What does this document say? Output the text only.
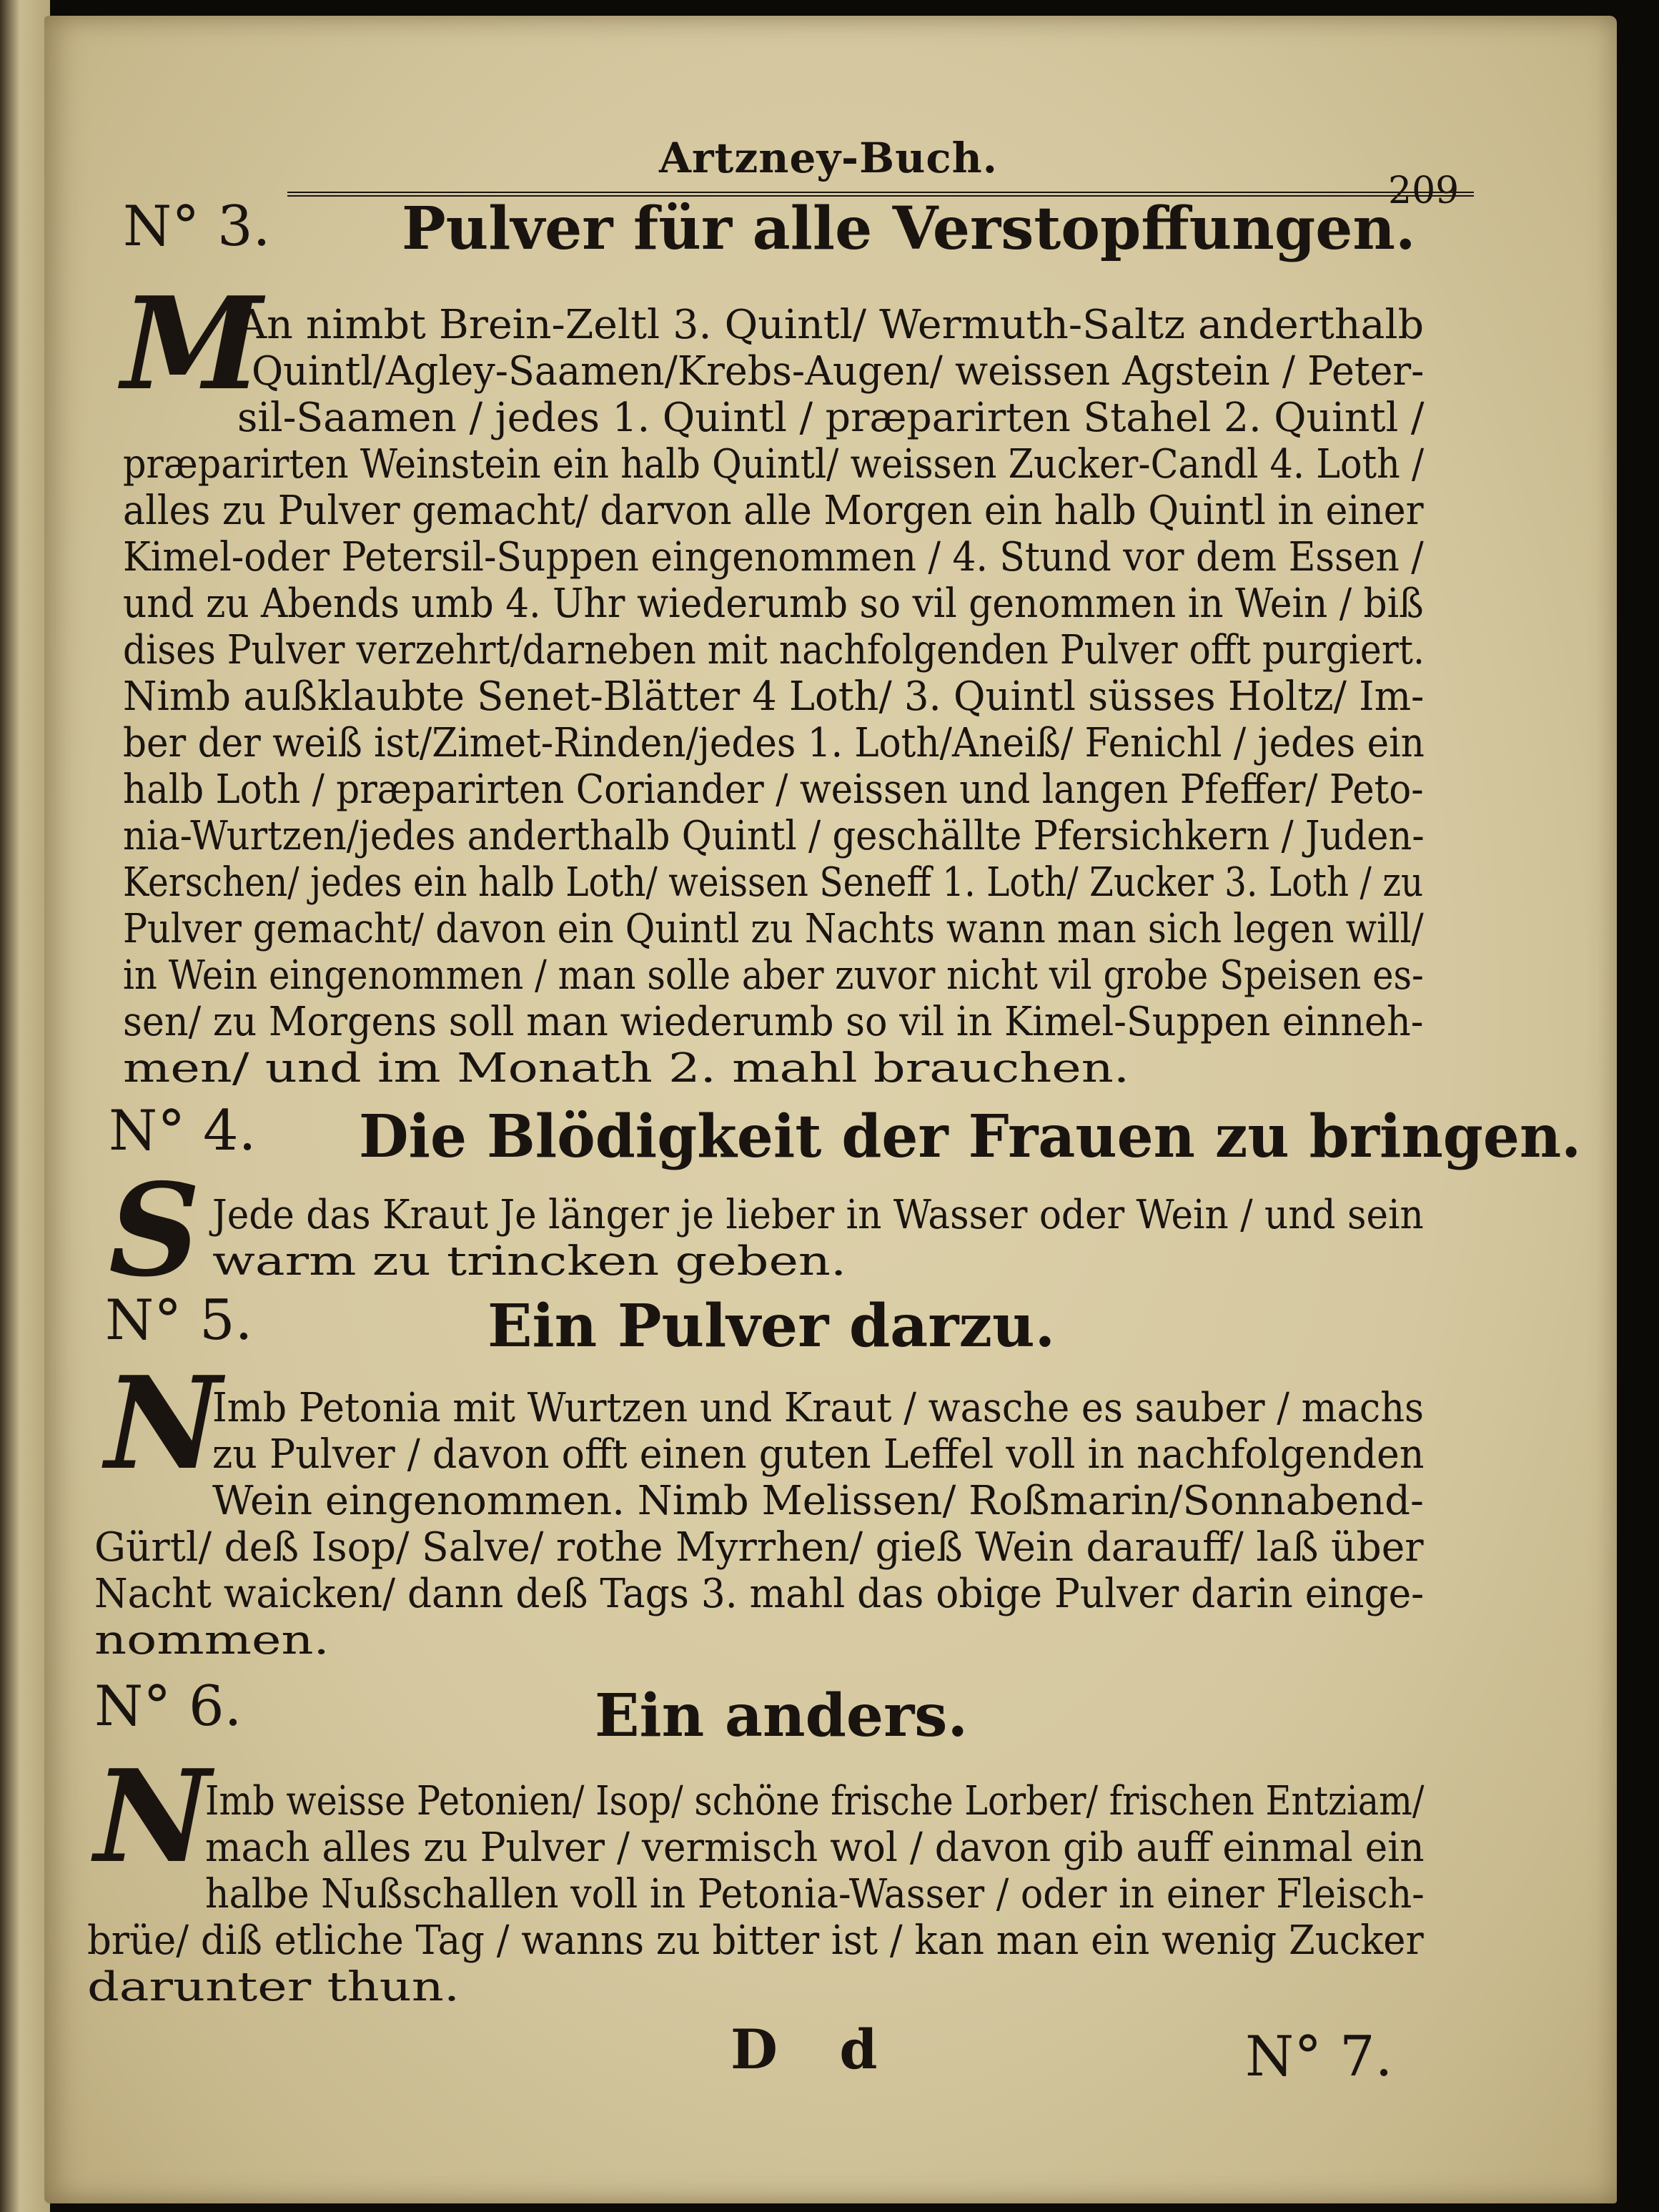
Artzney-Buch.
209
N° 3. Pulver für alle Verstopffungen.
M
An nimbt Brein-Zeltl 3. Quintl/ Wermuth-Saltz anderthalb
Quintl/Agley-Saamen/Krebs-Augen/ weissen Agstein / Peter-
sil-Saamen / jedes 1. Quintl / præparirten Stahel 2. Quintl /
præparirten Weinstein ein halb Quintl/ weissen Zucker-Candl 4. Loth /
alles zu Pulver gemacht/ darvon alle Morgen ein halb Quintl in einer
Kimel-oder Petersil-Suppen eingenommen / 4. Stund vor dem Essen /
und zu Abends umb 4. Uhr wiederumb so vil genommen in Wein / biß
dises Pulver verzehrt/darneben mit nachfolgenden Pulver offt purgiert.
Nimb außklaubte Senet-Blätter 4 Loth/ 3. Quintl süsses Holtz/ Im-
ber der weiß ist/Zimet-Rinden/jedes 1. Loth/Aneiß/ Fenichl / jedes ein
halb Loth / præparirten Coriander / weissen und langen Pfeffer/ Peto-
nia-Wurtzen/jedes anderthalb Quintl / geschällte Pfersichkern / Juden-
Kerschen/ jedes ein halb Loth/ weissen Seneff 1. Loth/ Zucker 3. Loth / zu
Pulver gemacht/ davon ein Quintl zu Nachts wann man sich legen will/
in Wein eingenommen / man solle aber zuvor nicht vil grobe Speisen es-
sen/ zu Morgens soll man wiederumb so vil in Kimel-Suppen einneh-
men/ und im Monath 2. mahl brauchen.
N° 4. Die Blödigkeit der Frauen zu bringen.
S Jede das Kraut Je länger je lieber in Wasser oder Wein / und sein
warm zu trincken geben.
N° 5.	Ein Pulver darzu.
N
Imb Petonia mit Wurtzen und Kraut / wasche es sauber / machs
zu Pulver / davon offt einen guten Leffel voll in nachfolgenden
Wein eingenommen. Nimb Melissen/ Roßmarin/Sonnabend-
Gürtl/ deß Isop/ Salve/ rothe Myrrhen/ gieß Wein darauff/ laß über
Nacht waicken/ dann deß Tags 3. mahl das obige Pulver darin einge-
nommen.
N° 6.	Ein anders.
N
Imb weisse Petonien/ Isop/ schöne frische Lorber/ frischen Entziam/
mach alles zu Pulver / vermisch wol / davon gib auff einmal ein
halbe Nußschallen voll in Petonia-Wasser / oder in einer Fleisch-
brüe/ diß etliche Tag / wanns zu bitter ist / kan man ein wenig Zucker
darunter thun.
D d	N° 7.
